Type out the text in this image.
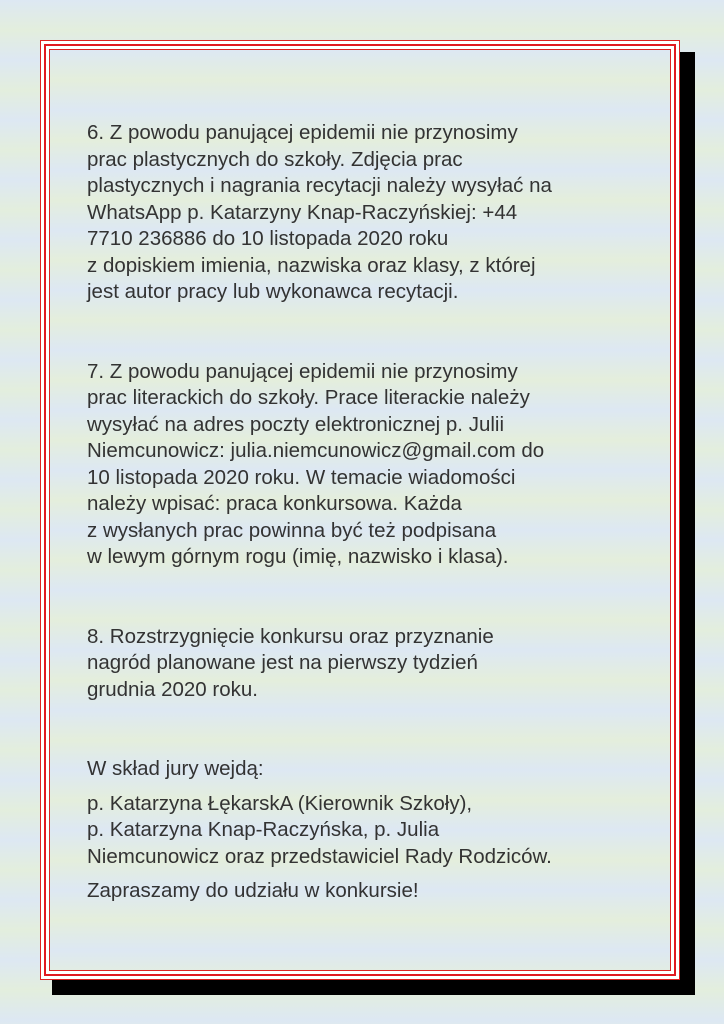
6. Z powodu panującej epidemii nie przynosimy
prac plastycznych do szkoły. Zdjęcia prac
plastycznych i nagrania recytacji należy wysyłać na
WhatsApp p. Katarzyny Knap-Raczyńskiej: +44
7710 236886 do 10 listopada 2020 roku
z dopiskiem imienia, nazwiska oraz klasy, z której
jest autor pracy lub wykonawca recytacji.

7. Z powodu panującej epidemii nie przynosimy
prac literackich do szkoły. Prace literackie należy
wysyłać na adres poczty elektronicznej p. Julii
Niemcunowicz: julia.niemcunowicz@gmail.com do
10 listopada 2020 roku. W temacie wiadomości
należy wpisać: praca konkursowa. Każda
z wysłanych prac powinna być też podpisana
w lewym górnym rogu (imię, nazwisko i klasa).

8. Rozstrzygnięcie konkursu oraz przyznanie
nagród planowane jest na pierwszy tydzień
grudnia 2020 roku.

W skład jury wejdą:

p. Katarzyna ŁękarskA (Kierownik Szkoły),
p. Katarzyna Knap-Raczyńska, p. Julia
Niemcunowicz oraz przedstawiciel Rady Rodziców.

Zapraszamy do udziału w konkursie!
